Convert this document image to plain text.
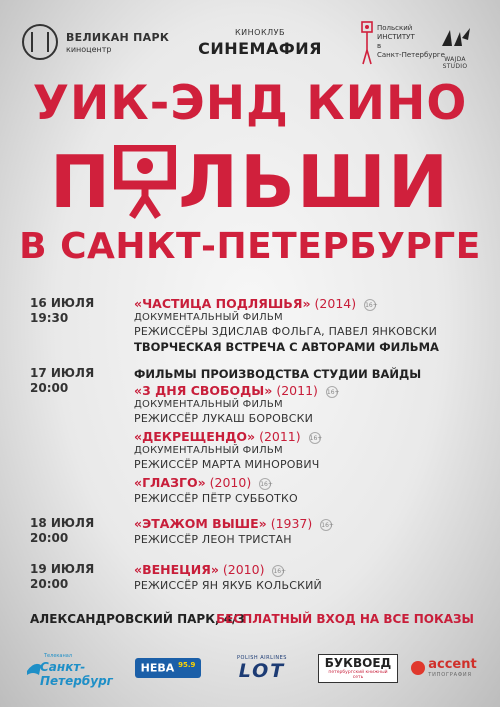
ВЕЛИКАН ПАРК
киноцентр
КИНОКЛУБ
СИНЕМАФИЯ
Польский
ИНСТИТУТ
в
Санкт-Петербурге
WAJDA STUDIO
УИК-ЭНД КИНО
П ЛЬШИ
В САНКТ-ПЕТЕРБУРГЕ
16 ИЮЛЯ
19:30
«ЧАСТИЦА ПОДЛЯШЬЯ» (2014) 16+
ДОКУМЕНТАЛЬНЫЙ ФИЛЬМ
РЕЖИССЁРЫ ЗДИСЛАВ ФОЛЬГА, ПАВЕЛ ЯНКОВСКИ
ТВОРЧЕСКАЯ ВСТРЕЧА С АВТОРАМИ ФИЛЬМА
17 ИЮЛЯ
20:00
ФИЛЬМЫ ПРОИЗВОДСТВА СТУДИИ ВАЙДЫ
«3 ДНЯ СВОБОДЫ» (2011) 16+
ДОКУМЕНТАЛЬНЫЙ ФИЛЬМ
РЕЖИССЁР ЛУКАШ БОРОВСКИ
«ДЕКРЕЩЕНДО» (2011) 16+
ДОКУМЕНТАЛЬНЫЙ ФИЛЬМ
РЕЖИССЁР МАРТА МИНОРОВИЧ
«ГЛАЗГО» (2010) 16+
РЕЖИССЁР ПЁТР СУББОТКО
18 ИЮЛЯ
20:00
«ЭТАЖОМ ВЫШЕ» (1937) 16+
РЕЖИССЁР ЛЕОН ТРИСТАН
19 ИЮЛЯ
20:00
«ВЕНЕЦИЯ» (2010) 16+
РЕЖИССЁР ЯН ЯКУБ КОЛЬСКИЙ
АЛЕКСАНДРОВСКИЙ ПАРК, 4/3
БЕСПЛАТНЫЙ ВХОД НА ВСЕ ПОКАЗЫ
Телеканал
Санкт-Петербург
НЕВА $^{95.9}$
POLISH AIRLINES
LOT	БУКВОЕД
петербургский книжный сеть
accent
ТИПОГРАФИЯ
